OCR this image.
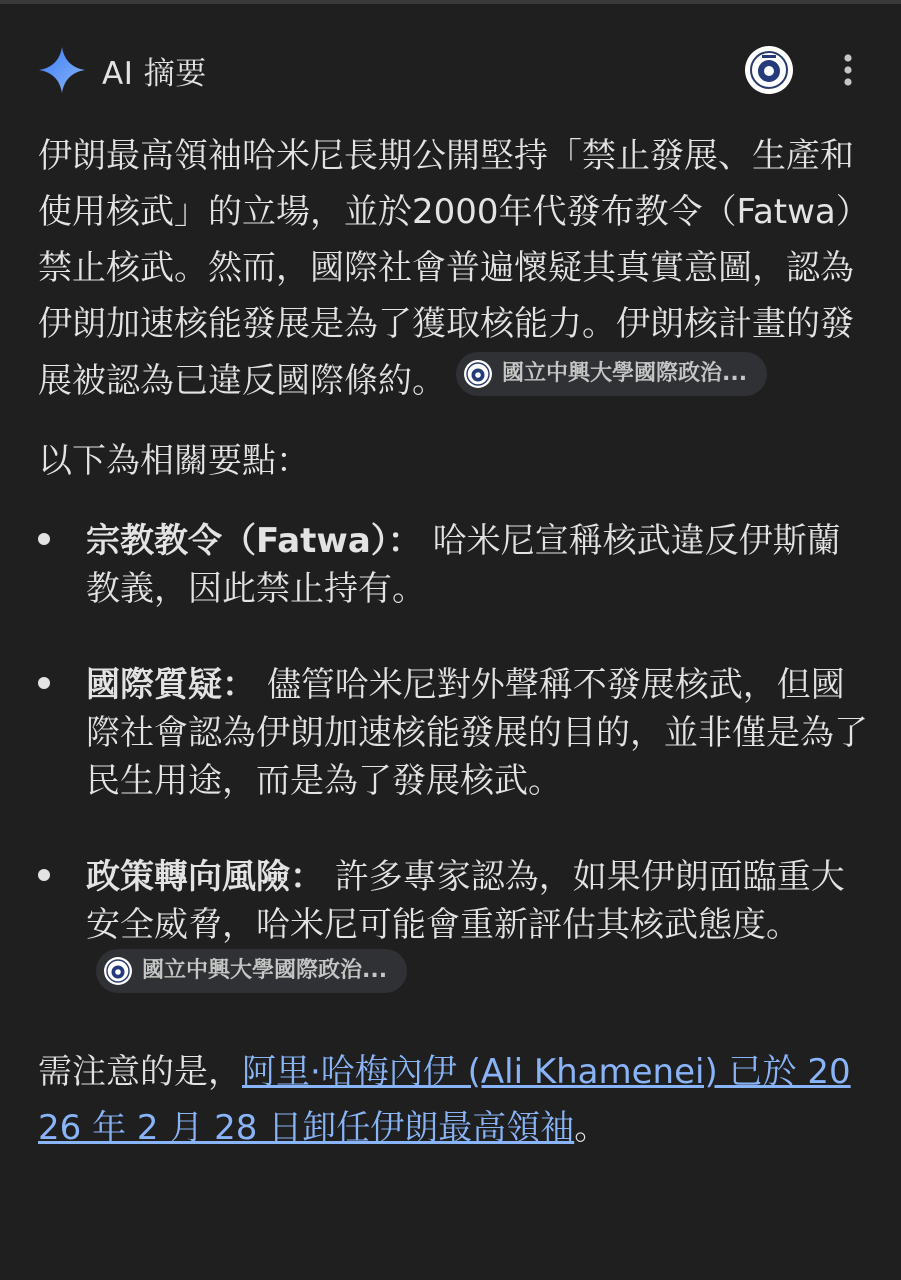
AI 摘要

伊朗最高領袖哈米尼長期公開堅持「禁止發展、生產和使用核武」的立場，並於2000年代發布教令（Fatwa）禁止核武。然而，國際社會普遍懷疑其真實意圖，認為伊朗加速核能發展是為了獲取核能力。伊朗核計畫的發展被認為已違反國際條約。	國立中興大學國際政治...

以下為相關要點：

宗教教令（Fatwa）： 哈米尼宣稱核武違反伊斯蘭教義，因此禁止持有。
國際質疑： 儘管哈米尼對外聲稱不發展核武，但國際社會認為伊朗加速核能發展的目的，並非僅是為了民生用途，而是為了發展核武。
政策轉向風險： 許多專家認為，如果伊朗面臨重大安全威脅，哈米尼可能會重新評估其核武態度。
國立中興大學國際政治...

需注意的是，阿里·哈梅內伊 (Ali Khamenei) 已於 2026 年 2 月 28 日卸任伊朗最高領袖。
